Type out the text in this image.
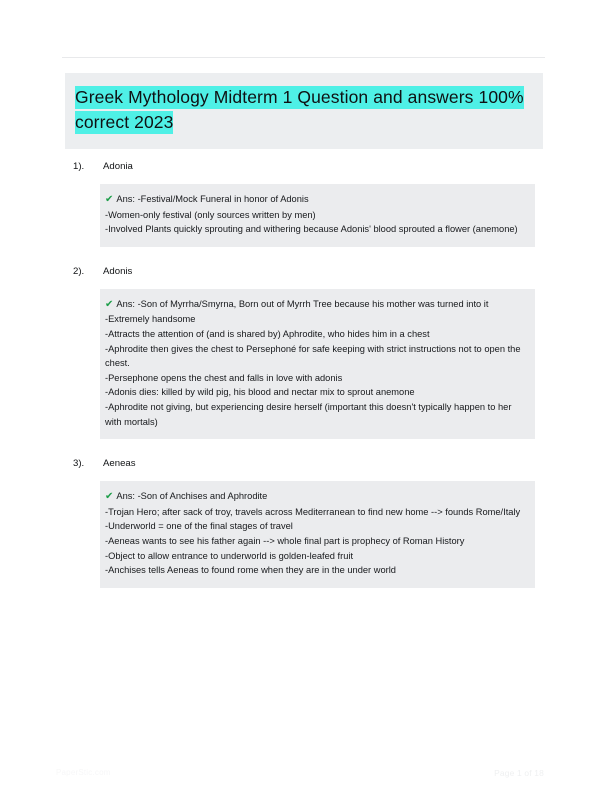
Greek Mythology Midterm 1 Question and answers 100% correct 2023
1).	Adonia
✔ Ans: -Festival/Mock Funeral in honor of Adonis
-Women-only festival (only sources written by men)
-Involved Plants quickly sprouting and withering because Adonis' blood sprouted a flower (anemone)
2).	Adonis
✔ Ans: -Son of Myrrha/Smyrna, Born out of Myrrh Tree because his mother was turned into it
-Extremely handsome
-Attracts the attention of (and is shared by) Aphrodite, who hides him in a chest
-Aphrodite then gives the chest to Persephoné for safe keeping with strict instructions not to open the chest.
-Persephone opens the chest and falls in love with adonis
-Adonis dies: killed by wild pig, his blood and nectar mix to sprout anemone
-Aphrodite not giving, but experiencing desire herself (important this doesn't typically happen to her with mortals)
3).	Aeneas
✔ Ans: -Son of Anchises and Aphrodite
-Trojan Hero; after sack of troy, travels across Mediterranean to find new home --> founds Rome/Italy
-Underworld = one of the final stages of travel
-Aeneas wants to see his father again --> whole final part is prophecy of Roman History
-Object to allow entrance to underworld is golden-leafed fruit
-Anchises tells Aeneas to found rome when they are in the under world
PaperStic.com	Page 1 of 18
